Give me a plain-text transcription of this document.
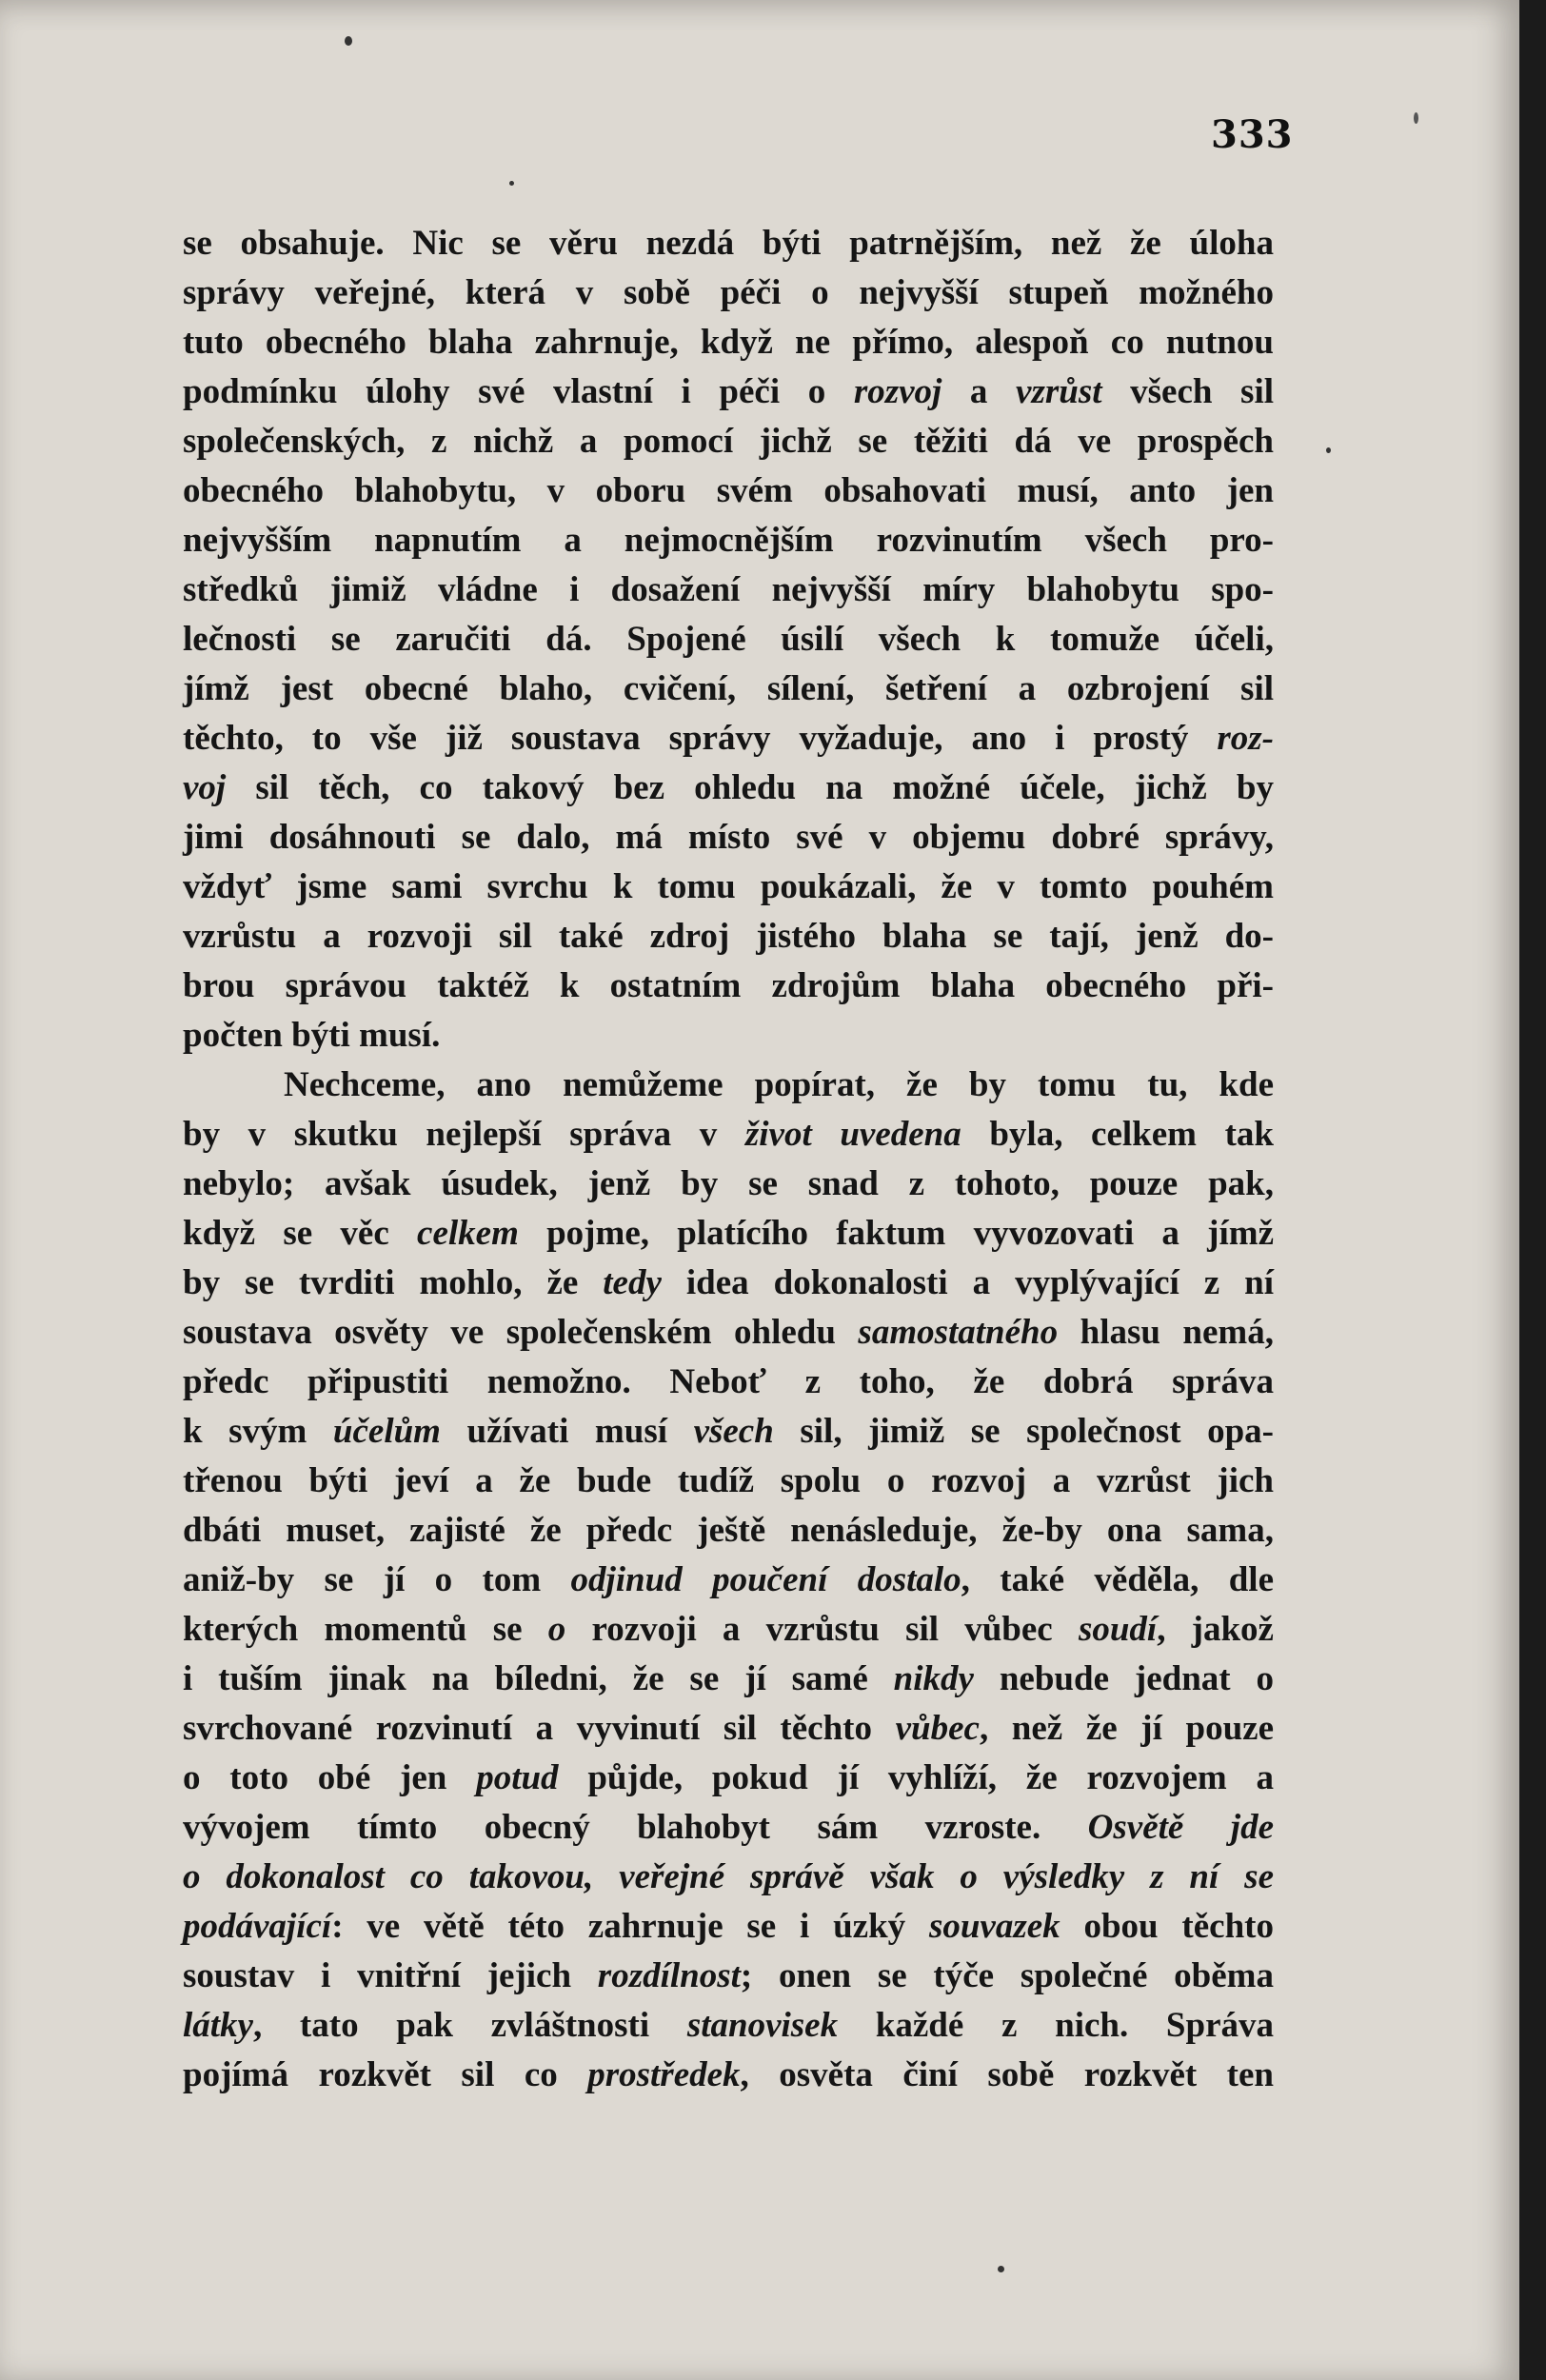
333
se obsahuje. Nic se věru nezdá býti patrnějším, než že úloha
správy veřejné, která v sobě péči o nejvyšší stupeň možného
tuto obecného blaha zahrnuje, když ne přímo, alespoň co nutnou
podmínku úlohy své vlastní i péči o rozvoj a vzrůst všech sil
společenských, z nichž a pomocí jichž se těžiti dá ve prospěch
obecného blahobytu, v oboru svém obsahovati musí, anto jen
nejvyšším napnutím a nejmocnějším rozvinutím všech pro-
středků jimiž vládne i dosažení nejvyšší míry blahobytu spo-
lečnosti se zaručiti dá. Spojené úsilí všech k tomuže účeli,
jímž jest obecné blaho, cvičení, sílení, šetření a ozbrojení sil
těchto, to vše již soustava správy vyžaduje, ano i prostý roz-
voj sil těch, co takový bez ohledu na možné účele, jichž by
jimi dosáhnouti se dalo, má místo své v objemu dobré správy,
vždyť jsme sami svrchu k tomu poukázali, že v tomto pouhém
vzrůstu a rozvoji sil také zdroj jistého blaha se tají, jenž do-
brou správou taktéž k ostatním zdrojům blaha obecného při-
počten býti musí.
Nechceme, ano nemůžeme popírat, že by tomu tu, kde
by v skutku nejlepší správa v život uvedena byla, celkem tak
nebylo; avšak úsudek, jenž by se snad z tohoto, pouze pak,
když se věc celkem pojme, platícího faktum vyvozovati a jímž
by se tvrditi mohlo, že tedy idea dokonalosti a vyplývající z ní
soustava osvěty ve společenském ohledu samostatného hlasu nemá,
předc připustiti nemožno. Neboť z toho, že dobrá správa
k svým účelům užívati musí všech sil, jimiž se společnost opa-
třenou býti jeví a že bude tudíž spolu o rozvoj a vzrůst jich
dbáti muset, zajisté že předc ještě nenásleduje, že-by ona sama,
aniž-by se jí o tom odjinud poučení dostalo, také věděla, dle
kterých momentů se o rozvoji a vzrůstu sil vůbec soudí, jakož
i tuším jinak na bíledni, že se jí samé nikdy nebude jednat o
svrchované rozvinutí a vyvinutí sil těchto vůbec, než že jí pouze
o toto obé jen potud půjde, pokud jí vyhlíží, že rozvojem a
vývojem tímto obecný blahobyt sám vzroste. Osvětě jde
o dokonalost co takovou, veřejné správě však o výsledky z ní se
podávající: ve větě této zahrnuje se i úzký souvazek obou těchto
soustav i vnitřní jejich rozdílnost; onen se týče společné oběma
látky, tato pak zvláštnosti stanovisek každé z nich. Správa
pojímá rozkvět sil co prostředek, osvěta činí sobě rozkvět ten
